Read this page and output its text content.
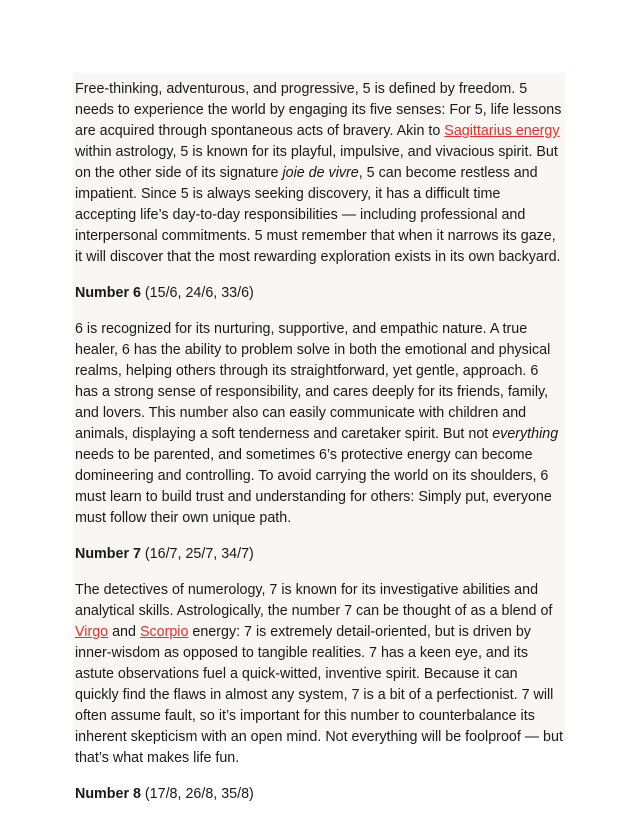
Free-thinking, adventurous, and progressive, 5 is defined by freedom. 5 needs to experience the world by engaging its five senses: For 5, life lessons are acquired through spontaneous acts of bravery. Akin to Sagittarius energy within astrology, 5 is known for its playful, impulsive, and vivacious spirit. But on the other side of its signature joie de vivre, 5 can become restless and impatient. Since 5 is always seeking discovery, it has a difficult time accepting life’s day-to-day responsibilities — including professional and interpersonal commitments. 5 must remember that when it narrows its gaze, it will discover that the most rewarding exploration exists in its own backyard.

Number 6 (15/6, 24/6, 33/6)

6 is recognized for its nurturing, supportive, and empathic nature. A true healer, 6 has the ability to problem solve in both the emotional and physical realms, helping others through its straightforward, yet gentle, approach. 6 has a strong sense of responsibility, and cares deeply for its friends, family, and lovers. This number also can easily communicate with children and animals, displaying a soft tenderness and caretaker spirit. But not everything needs to be parented, and sometimes 6’s protective energy can become domineering and controlling. To avoid carrying the world on its shoulders, 6 must learn to build trust and understanding for others: Simply put, everyone must follow their own unique path.

Number 7 (16/7, 25/7, 34/7)

The detectives of numerology, 7 is known for its investigative abilities and analytical skills. Astrologically, the number 7 can be thought of as a blend of Virgo and Scorpio energy: 7 is extremely detail-oriented, but is driven by inner-wisdom as opposed to tangible realities. 7 has a keen eye, and its astute observations fuel a quick-witted, inventive spirit. Because it can quickly find the flaws in almost any system, 7 is a bit of a perfectionist. 7 will often assume fault, so it’s important for this number to counterbalance its inherent skepticism with an open mind. Not everything will be foolproof — but that’s what makes life fun.

Number 8 (17/8, 26/8, 35/8)
